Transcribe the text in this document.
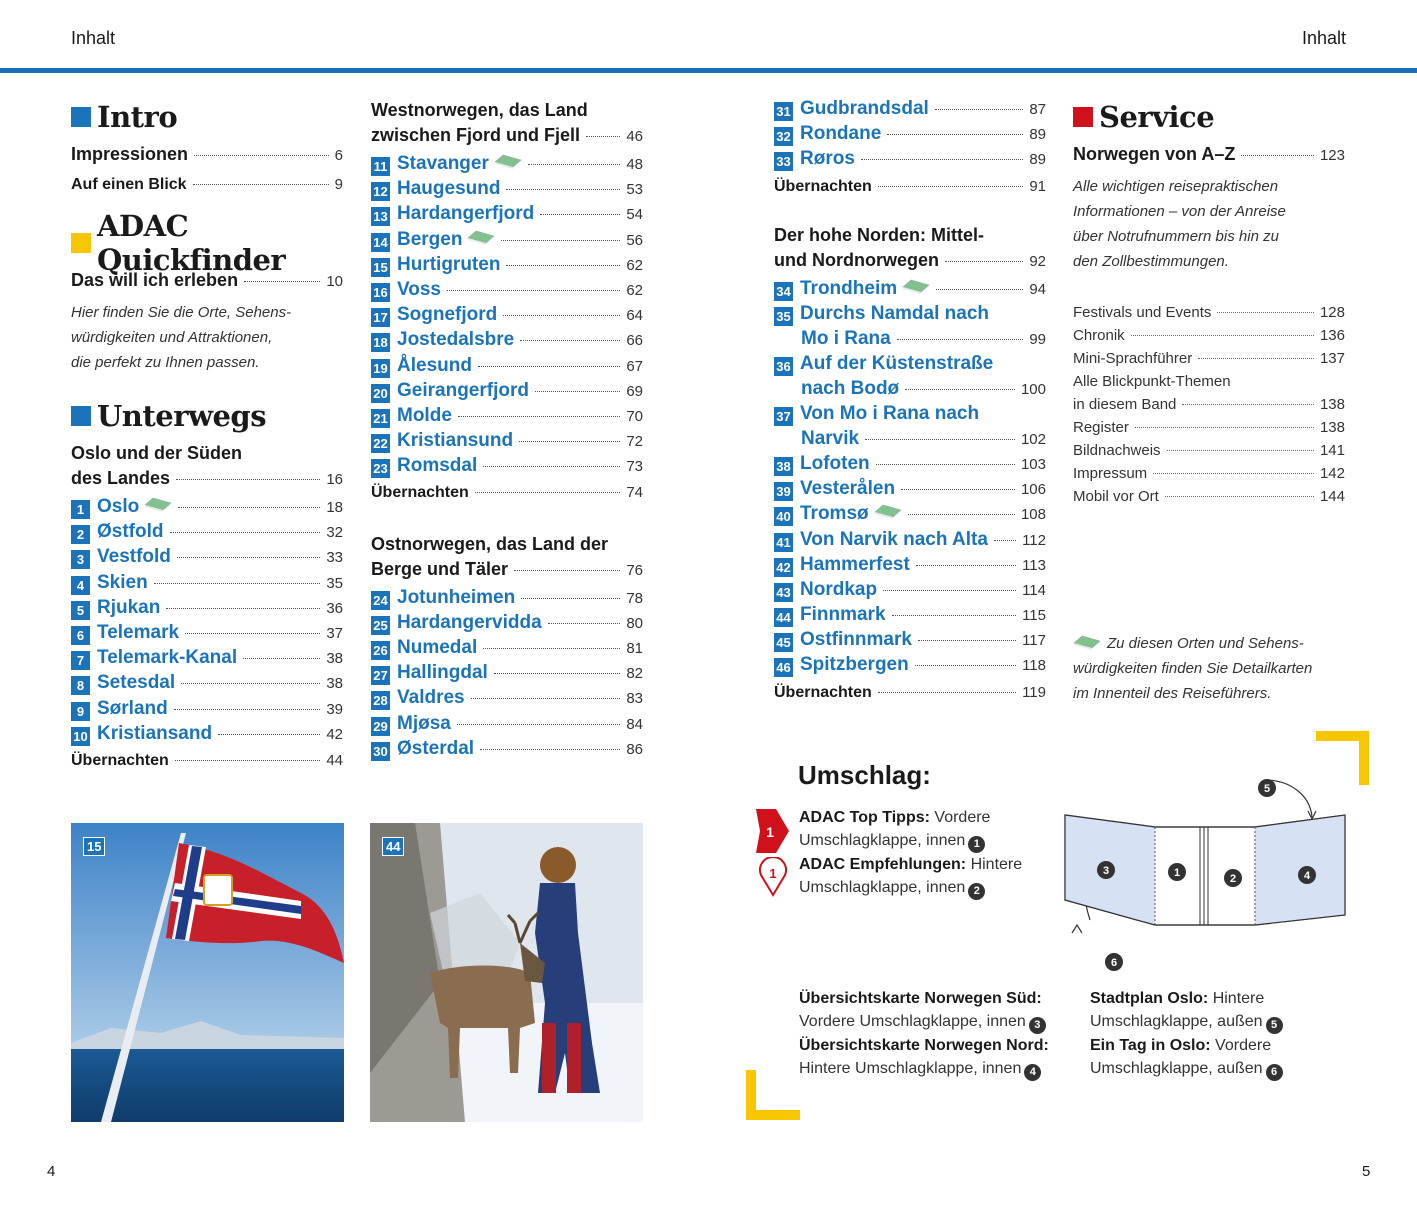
Inhalt	Inhalt
Intro
Impressionen	6
Auf einen Blick	9
ADAC Quickfinder
Das will ich erleben	10
Hier finden Sie die Orte, Sehens-
würdigkeiten und Attraktionen,
die perfekt zu Ihnen passen.
Unterwegs
Oslo und der Süden
des Landes	16
1 Oslo	18
2 Østfold	32
3 Vestfold	33
4 Skien	35
5 Rjukan	36
6 Telemark	37
7 Telemark-Kanal	38
8 Setesdal	38
9 Sørland	39
10 Kristiansand	42
Übernachten	44
Westnorwegen, das Land
zwischen Fjord und Fjell	46
11 Stavanger	48
12 Haugesund	53
13 Hardangerfjord	54
14 Bergen	56
15 Hurtigruten	62
16 Voss	62
17 Sognefjord	64
18 Jostedalsbre	66
19 Ålesund	67
20 Geirangerfjord	69
21 Molde	70
22 Kristiansund	72
23 Romsdal	73
Übernachten	74
Ostnorwegen, das Land der
Berge und Täler	76
24 Jotunheimen	78
25 Hardangervidda	80
26 Numedal	81
27 Hallingdal	82
28 Valdres	83
29 Mjøsa	84
30 Østerdal	86
31 Gudbrandsdal	87
32 Rondane	89
33 Røros	89
Übernachten	91
Der hohe Norden: Mittel-
und Nordnorwegen	92
34 Trondheim	94
35 Durchs Namdal nach
Mo i Rana	99
36 Auf der Küstenstraße
nach Bodø	100
37 Von Mo i Rana nach
Narvik	102
38 Lofoten	103
39 Vesterålen	106
40 Tromsø	108
41 Von Narvik nach Alta 112
42 Hammerfest	113
43 Nordkap	114
44 Finnmark	115
45 Ostfinnmark	117
46 Spitzbergen	118
Übernachten	119
Service
Norwegen von A–Z	123
Alle wichtigen reisepraktischen
Informationen – von der Anreise
über Notrufnummern bis hin zu
den Zollbestimmungen.
Festivals und Events	128
Chronik	136
Mini-Sprachführer	137
Alle Blickpunkt-Themen
in diesem Band	138
Register	138
Bildnachweis	141
Impressum	142
Mobil vor Ort	144
Zu diesen Orten und Sehens-
würdigkeiten finden Sie Detailkarten
im Innenteil des Reiseführers.
15	44
Umschlag:
1
1
ADAC Top Tipps: Vordere
Umschlagklappe, innen 1
ADAC Empfehlungen: Hintere
Umschlagklappe, innen 2
1	2
3	4
5
6
Übersichtskarte Norwegen Süd:
Vordere Umschlagklappe, innen 3
Übersichtskarte Norwegen Nord:
Hintere Umschlagklappe, innen 4
Stadtplan Oslo: Hintere
Umschlagklappe, außen 5
Ein Tag in Oslo: Vordere
Umschlagklappe, außen 6
4	5
